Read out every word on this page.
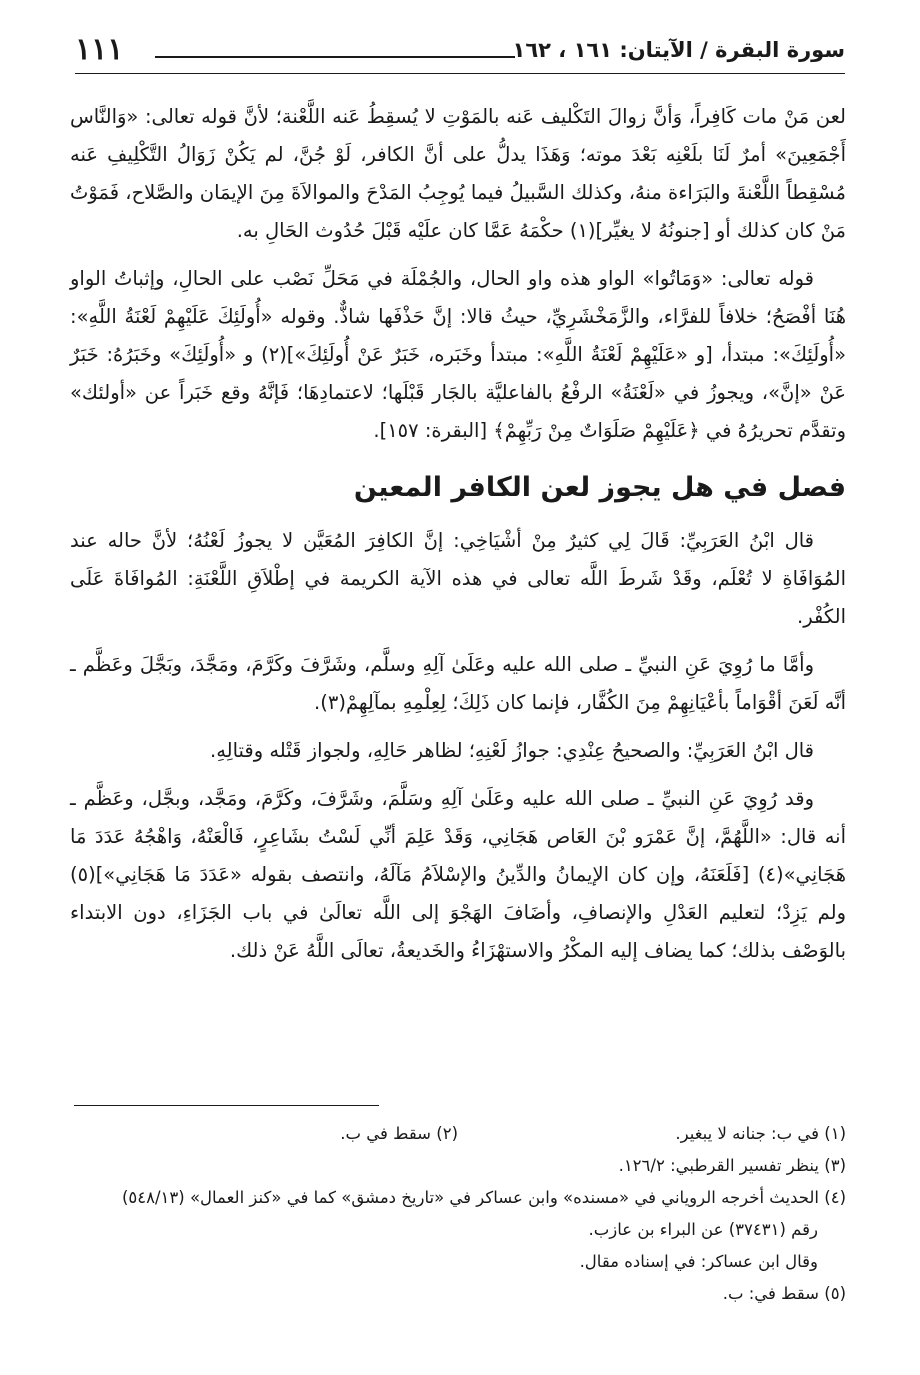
سورة البقرة / الآيتان: ١٦١ ، ١٦٢
١١١

لعن مَنْ مات كَافِراً، وَأنَّ زوالَ التَكْليف عَنه بالمَوْتِ لا يُسقِطُ عَنه اللَّعْنة؛ لأنَّ قوله تعالى: «وَالنَّاس أَجْمَعِينَ» أمرٌ لَنَا بلَعْنِه بَعْدَ موته؛ وَهَذَا يدلُّ على أنَّ الكافر، لَوْ جُنَّ، لم يَكُنْ زَوَالُ التَّكْلِيفِ عَنه مُسْقِطاً اللَّعْنةَ والبَرَاءة منهُ، وكذلك السَّبيلُ فيما يُوجِبُ المَدْحَ والموالاَةَ مِنَ الإيمَان والصَّلاح، فَمَوْتُ مَنْ كان كذلك أو [جنونُهُ لا يغيِّر](١) حكْمَهُ عَمَّا كان علَيْه قَبْلَ حُدُوث الحَالِ به.

قوله تعالى: «وَمَاتُوا» الواو هذه واو الحال، والجُمْلَة في مَحَلِّ نَصْب على الحالِ، وإثباتُ الواو هُنَا أفْصَحُ؛ خلافاً للفرَّاء، والزَّمَخْشَرِيِّ، حيثُ قالا: إنَّ حَذْفَها شاذٌّ. وقوله «أُولَئِكَ عَلَيْهِمْ لَعْنَةُ اللَّهِ»: «أُولَئِكَ»: مبتدأ، [و «عَلَيْهِمْ لَعْنَةُ اللَّهِ»: مبتدأ وخَبَره، خَبَرٌ عَنْ أُولَئِكَ»](٢) و «أُولَئِكَ» وخَبَرُهُ: خَبَرٌ عَنْ «إنَّ»، ويجوزُ في «لَعْنَةُ» الرفْعُ بالفاعليَّة بالجَار قَبْلَها؛ لاعتمادِهَا؛ فَإنَّهُ وقع خَبَراً عن «أولئك» وتقدَّم تحريرُهُ في ﴿عَلَيْهِمْ صَلَوَاتٌ مِنْ رَبِّهِمْ﴾ [البقرة: ١٥٧].

فصل في هل يجوز لعن الكافر المعين

قال ابْنُ العَرَبِيِّ: قَالَ لِي كثيرٌ مِنْ أشْيَاخِي: إنَّ الكافِرَ المُعَيَّن لا يجوزُ لَعْنُهُ؛ لأنَّ حاله عند المُوَافَاةِ لا تُعْلَم، وقَدْ شَرطَ اللَّه تعالى في هذه الآية الكريمة في إطْلاَقِ اللَّعْنَةِ: المُوافَاةَ عَلَى الكُفْر.

وأمَّا ما رُوِيَ عَنِ النبيِّ ـ صلى الله عليه وعَلَىٰ آلِهِ وسلَّم، وشَرَّفَ وكَرَّمَ، ومَجَّدَ، وبَجَّلَ وعَظَّم ـ أنَّه لَعَنَ أقْوَاماً بأعْيَانِهِمْ مِنَ الكُفَّار، فإنما كان ذَلِكَ؛ لِعِلْمِهِ بمآلِهِمْ(٣).

قال ابْنُ العَرَبِيِّ: والصحيحُ عِنْدِي: جوازُ لَعْنِهِ؛ لظاهر حَالِهِ، ولجواز قَتْله وقتالِهِ.

وقد رُوِيَ عَنِ النبيِّ ـ صلى الله عليه وعَلَىٰ آلِهِ وسَلَّمَ، وشَرَّفَ، وكَرَّمَ، ومَجَّد، وبجَّل، وعَظَّم ـ أنه قال: «اللَّهُمَّ، إنَّ عَمْرَو بْنَ العَاص هَجَانِي، وَقَدْ عَلِمَ أنِّي لَسْتُ بشَاعِرٍ، فَالْعَنْهُ، وَاهْجُهُ عَدَدَ مَا هَجَانِي»(٤) [فَلَعَنَهُ، وإن كان الإيمانُ والدِّينُ والإسْلاَمُ مَآلَهُ، وانتصف بقوله «عَدَدَ مَا هَجَانِي»](٥) ولم يَزِدْ؛ لتعليم العَدْلِ والإنصافِ، وأضَافَ الهَجْوَ إلى اللَّه تعالَىٰ في باب الجَزَاءِ، دون الابتداء بالوَصْف بذلك؛ كما يضاف إليه المكْرُ والاستهْزَاءُ والخَديعةُ، تعالَى اللَّهُ عَنْ ذلك.

(١) في ب: جنانه لا يبغير.

(٢) سقط في ب.

(٣) ينظر تفسير القرطبي: ١٢٦/٢.

(٤) الحديث أخرجه الروياني في «مسنده» وابن عساكر في «تاريخ دمشق» كما في «كنز العمال» (٥٤٨/١٣)

رقم (٣٧٤٣١) عن البراء بن عازب.

وقال ابن عساكر: في إسناده مقال.

(٥) سقط في: ب.
